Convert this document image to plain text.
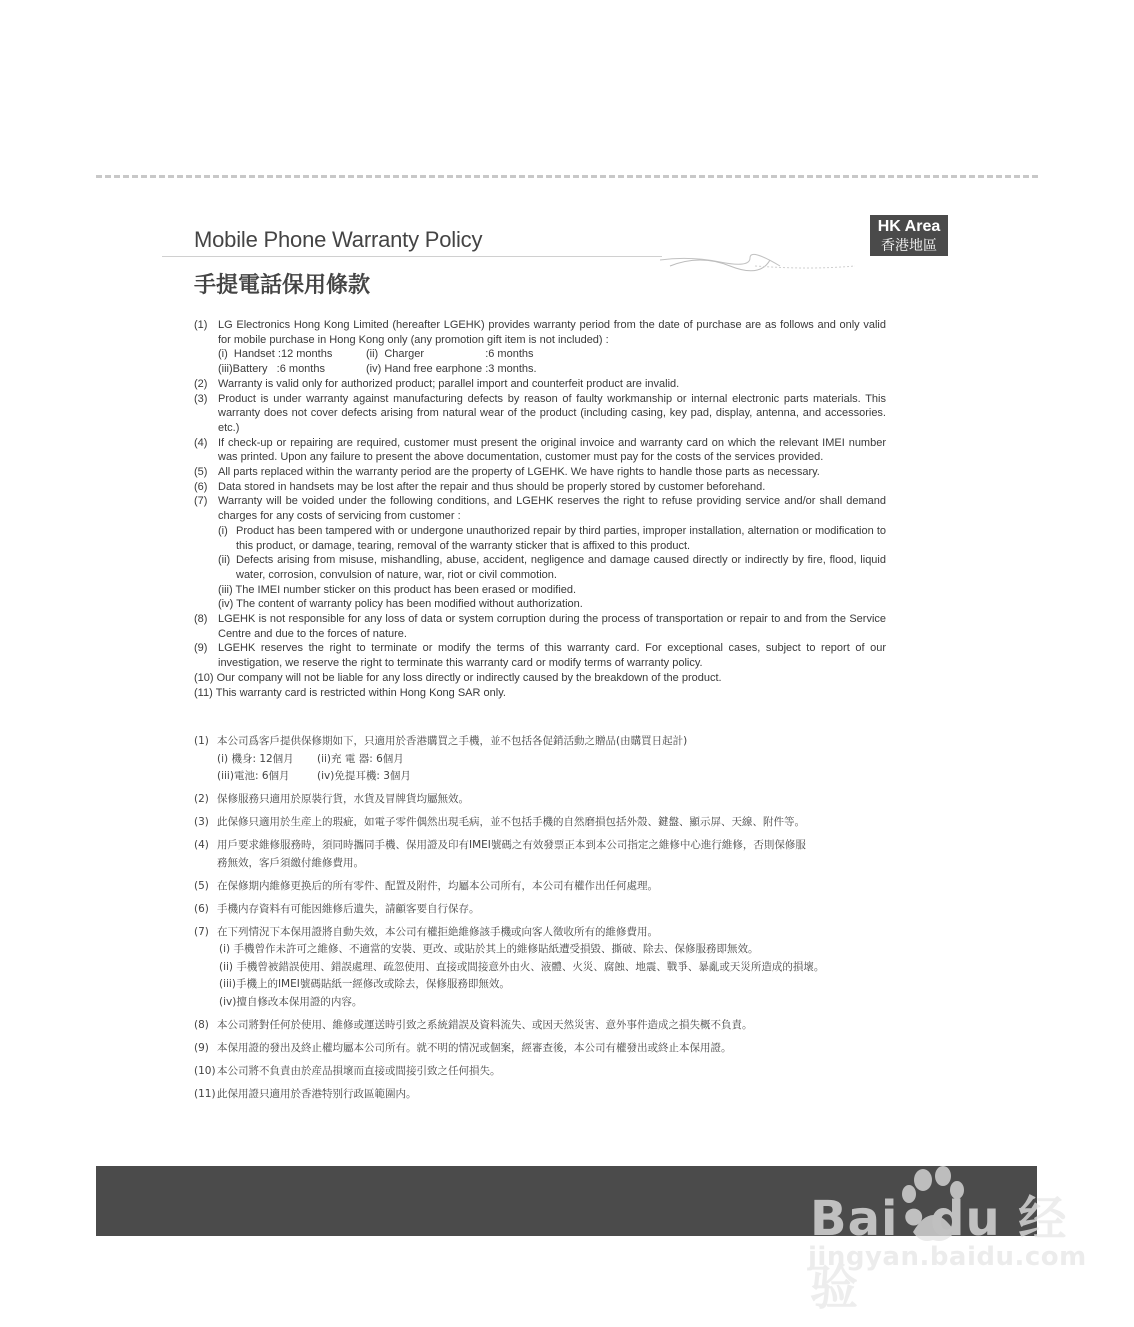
Mobile Phone Warranty Policy
手提電話保用條款
HK Area
香港地區
(1) LG Electronics Hong Kong Limited (hereafter LGEHK) provides warranty period from the date of purchase are as follows and only valid for mobile purchase in Hong Kong only (any promotion gift item is not included) :
(i)  Handset :12 months	(ii)  Charger                    :6 months
(iii)Battery   :6 months	(iv) Hand free earphone :3 months.
(2) Warranty is valid only for authorized product; parallel import and counterfeit product are invalid.
(3) Product is under warranty against manufacturing defects by reason of faulty workmanship or internal electronic parts materials. This warranty does not cover defects arising from natural wear of the product (including casing, key pad, display, antenna, and accessories. etc.)
(4) If check-up or repairing are required, customer must present the original invoice and warranty card on which the relevant IMEI number was printed. Upon any failure to present the above documentation, customer must pay for the costs of the services provided.
(5) All parts replaced within the warranty period are the property of LGEHK. We have rights to handle those parts as necessary.
(6) Data stored in handsets may be lost after the repair and thus should be properly stored by customer beforehand.
(7) Warranty will be voided under the following conditions, and LGEHK reserves the right to refuse providing service and/or shall demand charges for any costs of servicing from customer :
(i) Product has been tampered with or undergone unauthorized repair by third parties, improper installation, alternation or modification to this product, or damage, tearing, removal of the warranty sticker that is affixed to this product.
(ii) Defects arising from misuse, mishandling, abuse, accident, negligence and damage caused directly or indirectly by fire, flood, liquid water, corrosion, convulsion of nature, war, riot or civil commotion.
(iii) The IMEI number sticker on this product has been erased or modified.
(iv) The content of warranty policy has been modified without authorization.
(8) LGEHK is not responsible for any loss of data or system corruption during the process of transportation or repair to and from the Service Centre and due to the forces of nature.
(9) LGEHK reserves the right to terminate or modify the terms of this warranty card. For exceptional cases, subject to report of our investigation, we reserve the right to terminate this warranty card or modify terms of warranty policy.
(10) Our company will not be liable for any loss directly or indirectly caused by the breakdown of the product.
(11) This warranty card is restricted within Hong Kong SAR only.
(1) 本公司爲客戶提供保修期如下，只適用於香港購買之手機，並不包括各促銷活動之贈品(由購買日起計)
(i) 機身: 12個月	(ii)充 電 器: 6個月
(iii)電池: 6個月	(iv)免提耳機: 3個月
(2) 保修服務只適用於原裝行貨，水貨及冒牌貨均屬無效。
(3) 此保修只適用於生産上的瑕疵，如電子零件偶然出現毛病，並不包括手機的自然磨損包括外殼、鍵盤、顯示屏、天線、附件等。
(4) 用戶要求維修服務時，須同時攜同手機、保用證及印有IMEI號碼之有效發票正本到本公司指定之維修中心進行維修，否則保修服
務無效，客戶須繳付維修費用。
(5) 在保修期内維修更换后的所有零件、配置及附件，均屬本公司所有，本公司有權作出任何處理。
(6) 手機内存資料有可能因維修后遺失，請顧客要自行保存。
(7) 在下列情況下本保用證將自動失效，本公司有權拒絶維修該手機或向客人徵收所有的維修費用。
(i) 手機曾作未許可之維修、不適當的安裝、更改、或貼於其上的維修貼紙遭受損毀、撕破、除去、保修服務即無效。
(ii) 手機曾被錯誤使用、錯誤處理、疏忽使用、直接或間接意外由火、液體、火災、腐蝕、地震、戰爭、暴亂或天災所造成的損壞。
(iii)手機上的IMEI號碼貼紙一經修改或除去，保修服務即無效。
(iv)擅自修改本保用證的内容。
(8) 本公司將對任何於使用、維修或運送時引致之系統錯誤及資料流失、或因天然災害、意外事件造成之損失概不負責。
(9) 本保用證的發出及終止權均屬本公司所有。就不明的情况或個案，經審查後，本公司有權發出或終止本保用證。
(10) 本公司將不負責由於産品損壞而直接或間接引致之任何損失。
(11) 此保用證只適用於香港特别行政區範圍内。
Bai•du 经验
jingyan.baidu.com
